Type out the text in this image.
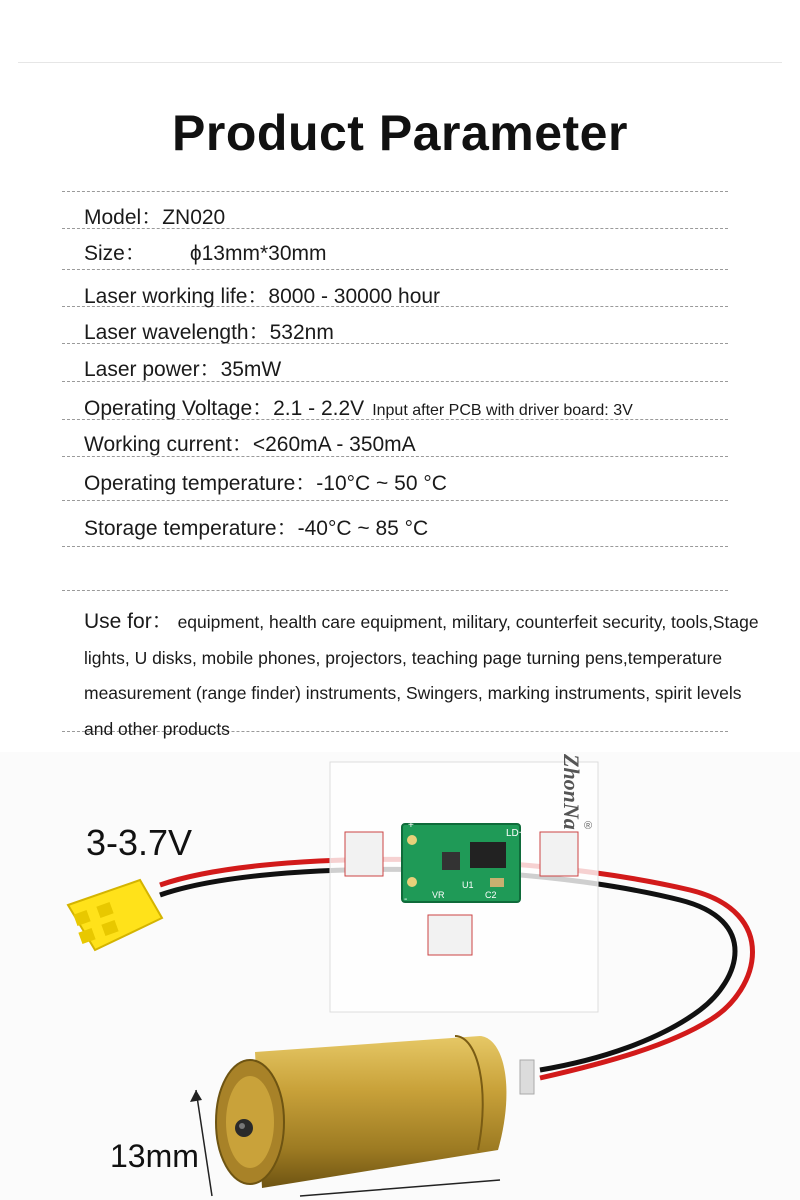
Product Parameter
Model：ZN020
Size： ϕ13mm*30mm
Laser working life：8000 - 30000 hour
Laser wavelength：532nm
Laser power：35mW
Operating Voltage：2.1 - 2.2V Input after PCB with driver board: 3V
Working current：<260mA - 350mA
Operating temperature：-10°C ~ 50 °C
Storage temperature：-40°C ~ 85 °C
Use for： equipment, health care equipment, military, counterfeit security, tools,Stage lights, U disks, mobile phones, projectors, teaching page turning pens,temperature measurement (range finder) instruments, Swingers, marking instruments, spirit levels and other products
LD+
+
-	VR
U1
C2
3-3.7V
13mm
ZhonNa ®
